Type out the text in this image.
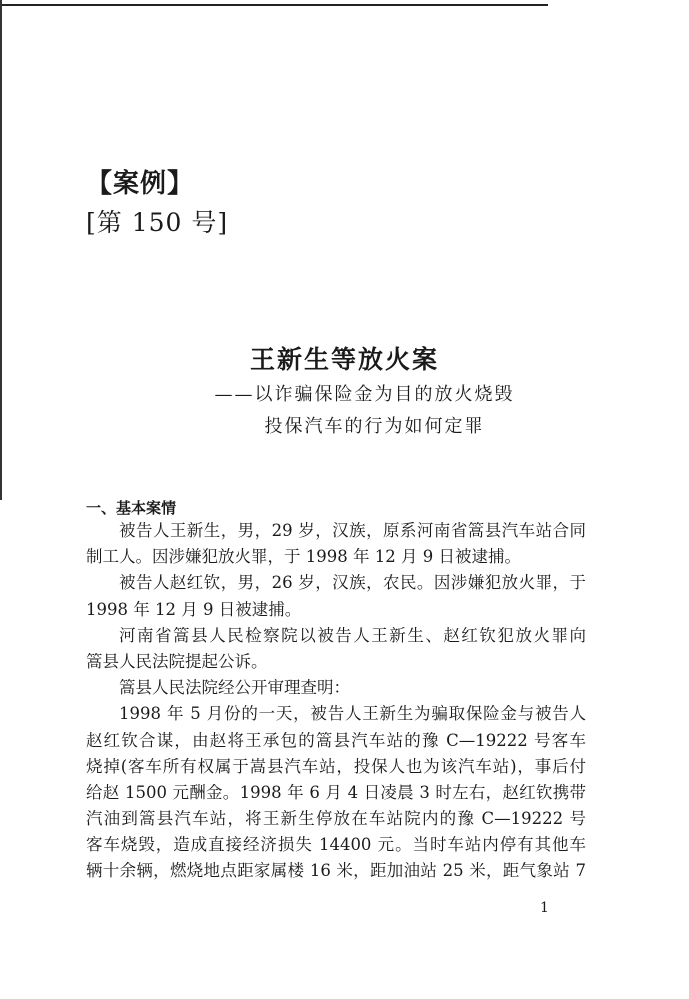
【案例】
[第 150 号]
王新生等放火案
——以诈骗保险金为目的放火烧毁
投保汽车的行为如何定罪
一、基本案情
被告人王新生，男，29 岁，汉族，原系河南省篙县汽车站合同
制工人。因涉嫌犯放火罪，于 1998 年 12 月 9 日被逮捕。
被告人赵红钦，男，26 岁，汉族，农民。因涉嫌犯放火罪，于
1998 年 12 月 9 日被逮捕。
河南省篙县人民检察院以被告人王新生、赵红钦犯放火罪向
篙县人民法院提起公诉。
篙县人民法院经公开审理查明：
1998 年 5 月份的一天，被告人王新生为骗取保险金与被告人
赵红钦合谋，由赵将王承包的篙县汽车站的豫 C—19222 号客车
烧掉(客车所有权属于嵩县汽车站，投保人也为该汽车站)，事后付
给赵 1500 元酬金。1998 年 6 月 4 日凌晨 3 时左右，赵红钦携带
汽油到篙县汽车站，将王新生停放在车站院内的豫 C—19222 号
客车烧毁，造成直接经济损失 14400 元。当时车站内停有其他车
辆十余辆，燃烧地点距家属楼 16 米，距加油站 25 米，距气象站 7
1
